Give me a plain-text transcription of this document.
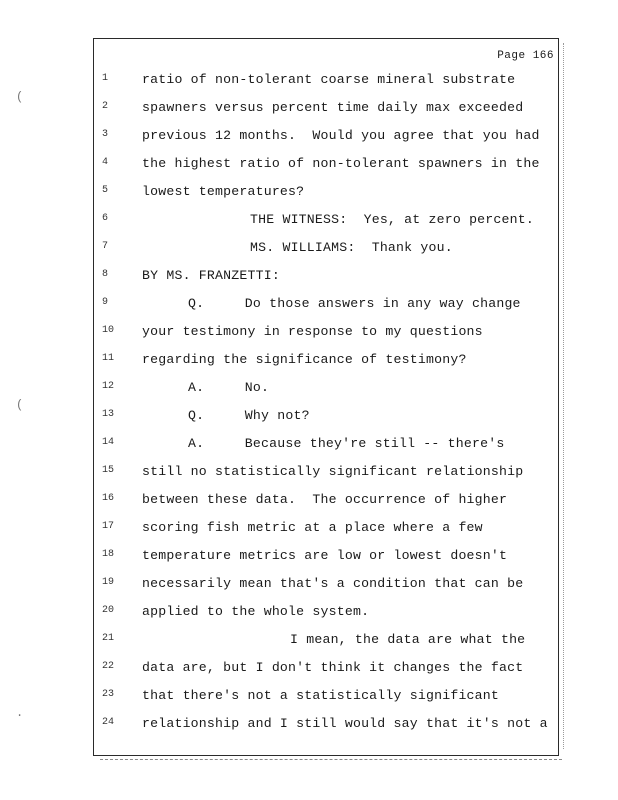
(
(
.
Page 166
1	ratio of non-tolerant coarse mineral substrate
2	spawners versus percent time daily max exceeded
3	previous 12 months.  Would you agree that you had
4	the highest ratio of non-tolerant spawners in the
5	lowest temperatures?
6	THE WITNESS:  Yes, at zero percent.
7	MS. WILLIAMS:  Thank you.
8	BY MS. FRANZETTI:
9	Q.     Do those answers in any way change
10	your testimony in response to my questions
11	regarding the significance of testimony?
12	A.     No.
13	Q.     Why not?
14	A.     Because they're still -- there's
15	still no statistically significant relationship
16	between these data.  The occurrence of higher
17	scoring fish metric at a place where a few
18	temperature metrics are low or lowest doesn't
19	necessarily mean that's a condition that can be
20	applied to the whole system.
21	I mean, the data are what the
22	data are, but I don't think it changes the fact
23	that there's not a statistically significant
24	relationship and I still would say that it's not a
